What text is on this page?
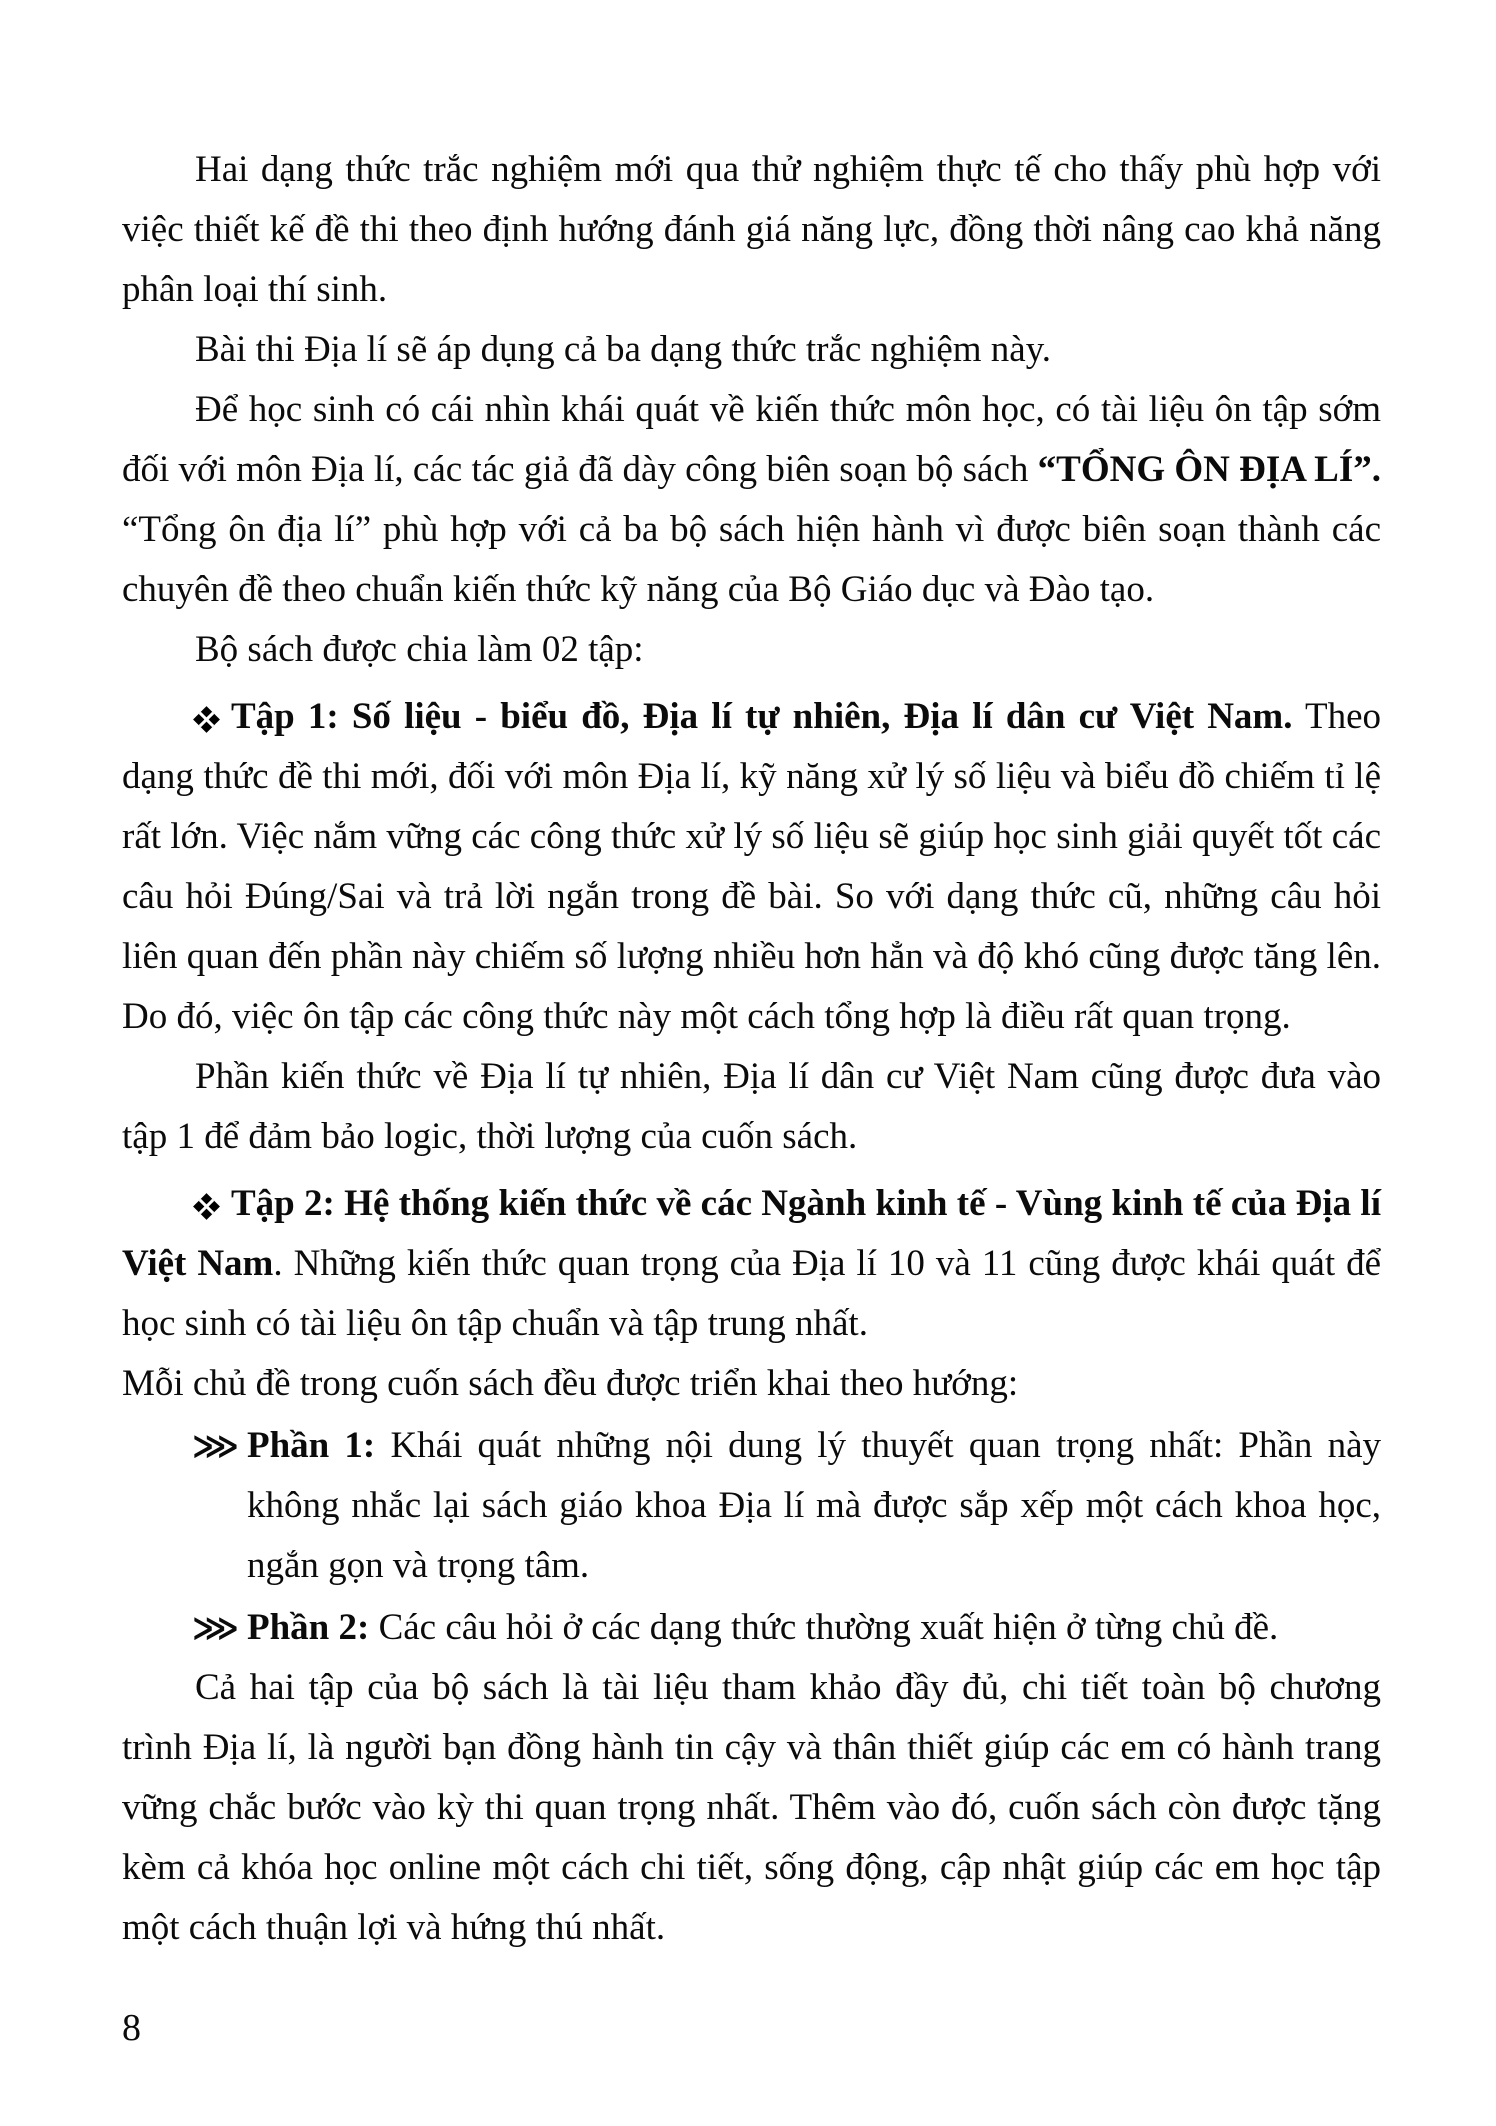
Hai dạng thức trắc nghiệm mới qua thử nghiệm thực tế cho thấy phù hợp với việc thiết kế đề thi theo định hướng đánh giá năng lực, đồng thời nâng cao khả năng phân loại thí sinh.

Bài thi Địa lí sẽ áp dụng cả ba dạng thức trắc nghiệm này.

Để học sinh có cái nhìn khái quát về kiến thức môn học, có tài liệu ôn tập sớm đối với môn Địa lí, các tác giả đã dày công biên soạn bộ sách “TỔNG ÔN ĐỊA LÍ”. “Tổng ôn địa lí” phù hợp với cả ba bộ sách hiện hành vì được biên soạn thành các chuyên đề theo chuẩn kiến thức kỹ năng của Bộ Giáo dục và Đào tạo.

Bộ sách được chia làm 02 tập:

Tập 1: Số liệu - biểu đồ, Địa lí tự nhiên, Địa lí dân cư Việt Nam. Theo dạng thức đề thi mới, đối với môn Địa lí, kỹ năng xử lý số liệu và biểu đồ chiếm tỉ lệ rất lớn. Việc nắm vững các công thức xử lý số liệu sẽ giúp học sinh giải quyết tốt các câu hỏi Đúng/Sai và trả lời ngắn trong đề bài. So với dạng thức cũ, những câu hỏi liên quan đến phần này chiếm số lượng nhiều hơn hẳn và độ khó cũng được tăng lên. Do đó, việc ôn tập các công thức này một cách tổng hợp là điều rất quan trọng.

Phần kiến thức về Địa lí tự nhiên, Địa lí dân cư Việt Nam cũng được đưa vào tập 1 để đảm bảo logic, thời lượng của cuốn sách.

Tập 2: Hệ thống kiến thức về các Ngành kinh tế - Vùng kinh tế của Địa lí Việt Nam. Những kiến thức quan trọng của Địa lí 10 và 11 cũng được khái quát để học sinh có tài liệu ôn tập chuẩn và tập trung nhất.

Mỗi chủ đề trong cuốn sách đều được triển khai theo hướng:

⋙ Phần 1: Khái quát những nội dung lý thuyết quan trọng nhất: Phần này không nhắc lại sách giáo khoa Địa lí mà được sắp xếp một cách khoa học, ngắn gọn và trọng tâm.
⋙ Phần 2: Các câu hỏi ở các dạng thức thường xuất hiện ở từng chủ đề.

Cả hai tập của bộ sách là tài liệu tham khảo đầy đủ, chi tiết toàn bộ chương trình Địa lí, là người bạn đồng hành tin cậy và thân thiết giúp các em có hành trang vững chắc bước vào kỳ thi quan trọng nhất. Thêm vào đó, cuốn sách còn được tặng kèm cả khóa học online một cách chi tiết, sống động, cập nhật giúp các em học tập một cách thuận lợi và hứng thú nhất.

8
